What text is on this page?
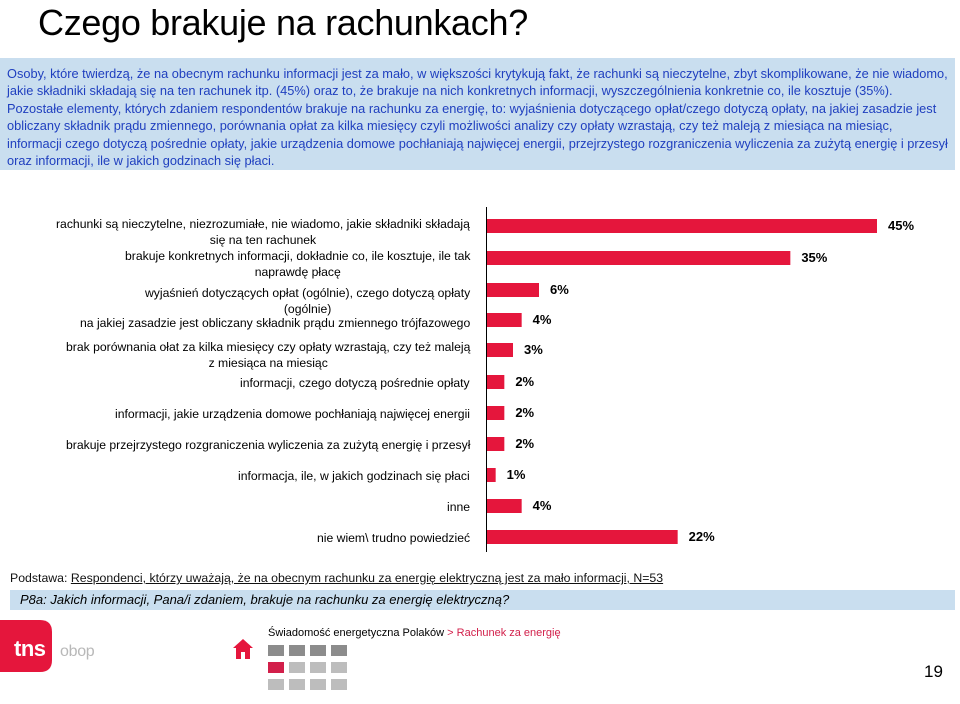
Czego brakuje na rachunkach?

Osoby, które twierdzą, że na obecnym rachunku informacji jest za mało, w większości krytykują fakt, że rachunki są nieczytelne, zbyt skomplikowane, że nie wiadomo, jakie składniki składają się na ten rachunek itp. (45%) oraz to, że brakuje na nich konkretnych informacji, wyszczególnienia konkretnie co, ile kosztuje (35%). Pozostałe elementy, których zdaniem respondentów brakuje na rachunku za energię, to: wyjaśnienia dotyczącego opłat/czego dotyczą opłaty, na jakiej zasadzie jest obliczany składnik prądu zmiennego, porównania opłat za kilka miesięcy czyli możliwości analizy czy opłaty wzrastają, czy też maleją z miesiąca na miesiąc, informacji czego dotyczą pośrednie opłaty, jakie urządzenia domowe pochłaniają najwięcej energii, przejrzystego rozgraniczenia wyliczenia za zużytą energię i przesył oraz informacji, ile w jakich godzinach się płaci.

rachunki są nieczytelne, niezrozumiałe, nie wiadomo, jakie składniki składają
się na ten rachunek
brakuje konkretnych informacji, dokładnie co, ile kosztuje, ile tak
naprawdę płacę
wyjaśnień dotyczących opłat (ogólnie), czego dotyczą opłaty
(ogólnie)
na jakiej zasadzie jest obliczany składnik prądu zmiennego trójfazowego
brak porównania ołat za kilka miesięcy czy opłaty wzrastają, czy też maleją
z miesiąca na miesiąc
informacji, czego dotyczą pośrednie opłaty
informacji, jakie urządzenia domowe pochłaniają najwięcej energii
brakuje przejrzystego rozgraniczenia wyliczenia za zużytą energię i przesył
informacja, ile, w jakich godzinach się płaci
inne
nie wiem\ trudno powiedzieć
45%
35%
6%
4%
3%
2%
2%
2%
1%
4%
22%
Podstawa: Respondenci, którzy uważają, że na obecnym rachunku za energię elektryczną jest za mało informacji, N=53
P8a: Jakich informacji, Pana/i zdaniem, brakuje na rachunku za energię elektryczną?
tns obop
Świadomość energetyczna Polaków > Rachunek za energię
19
